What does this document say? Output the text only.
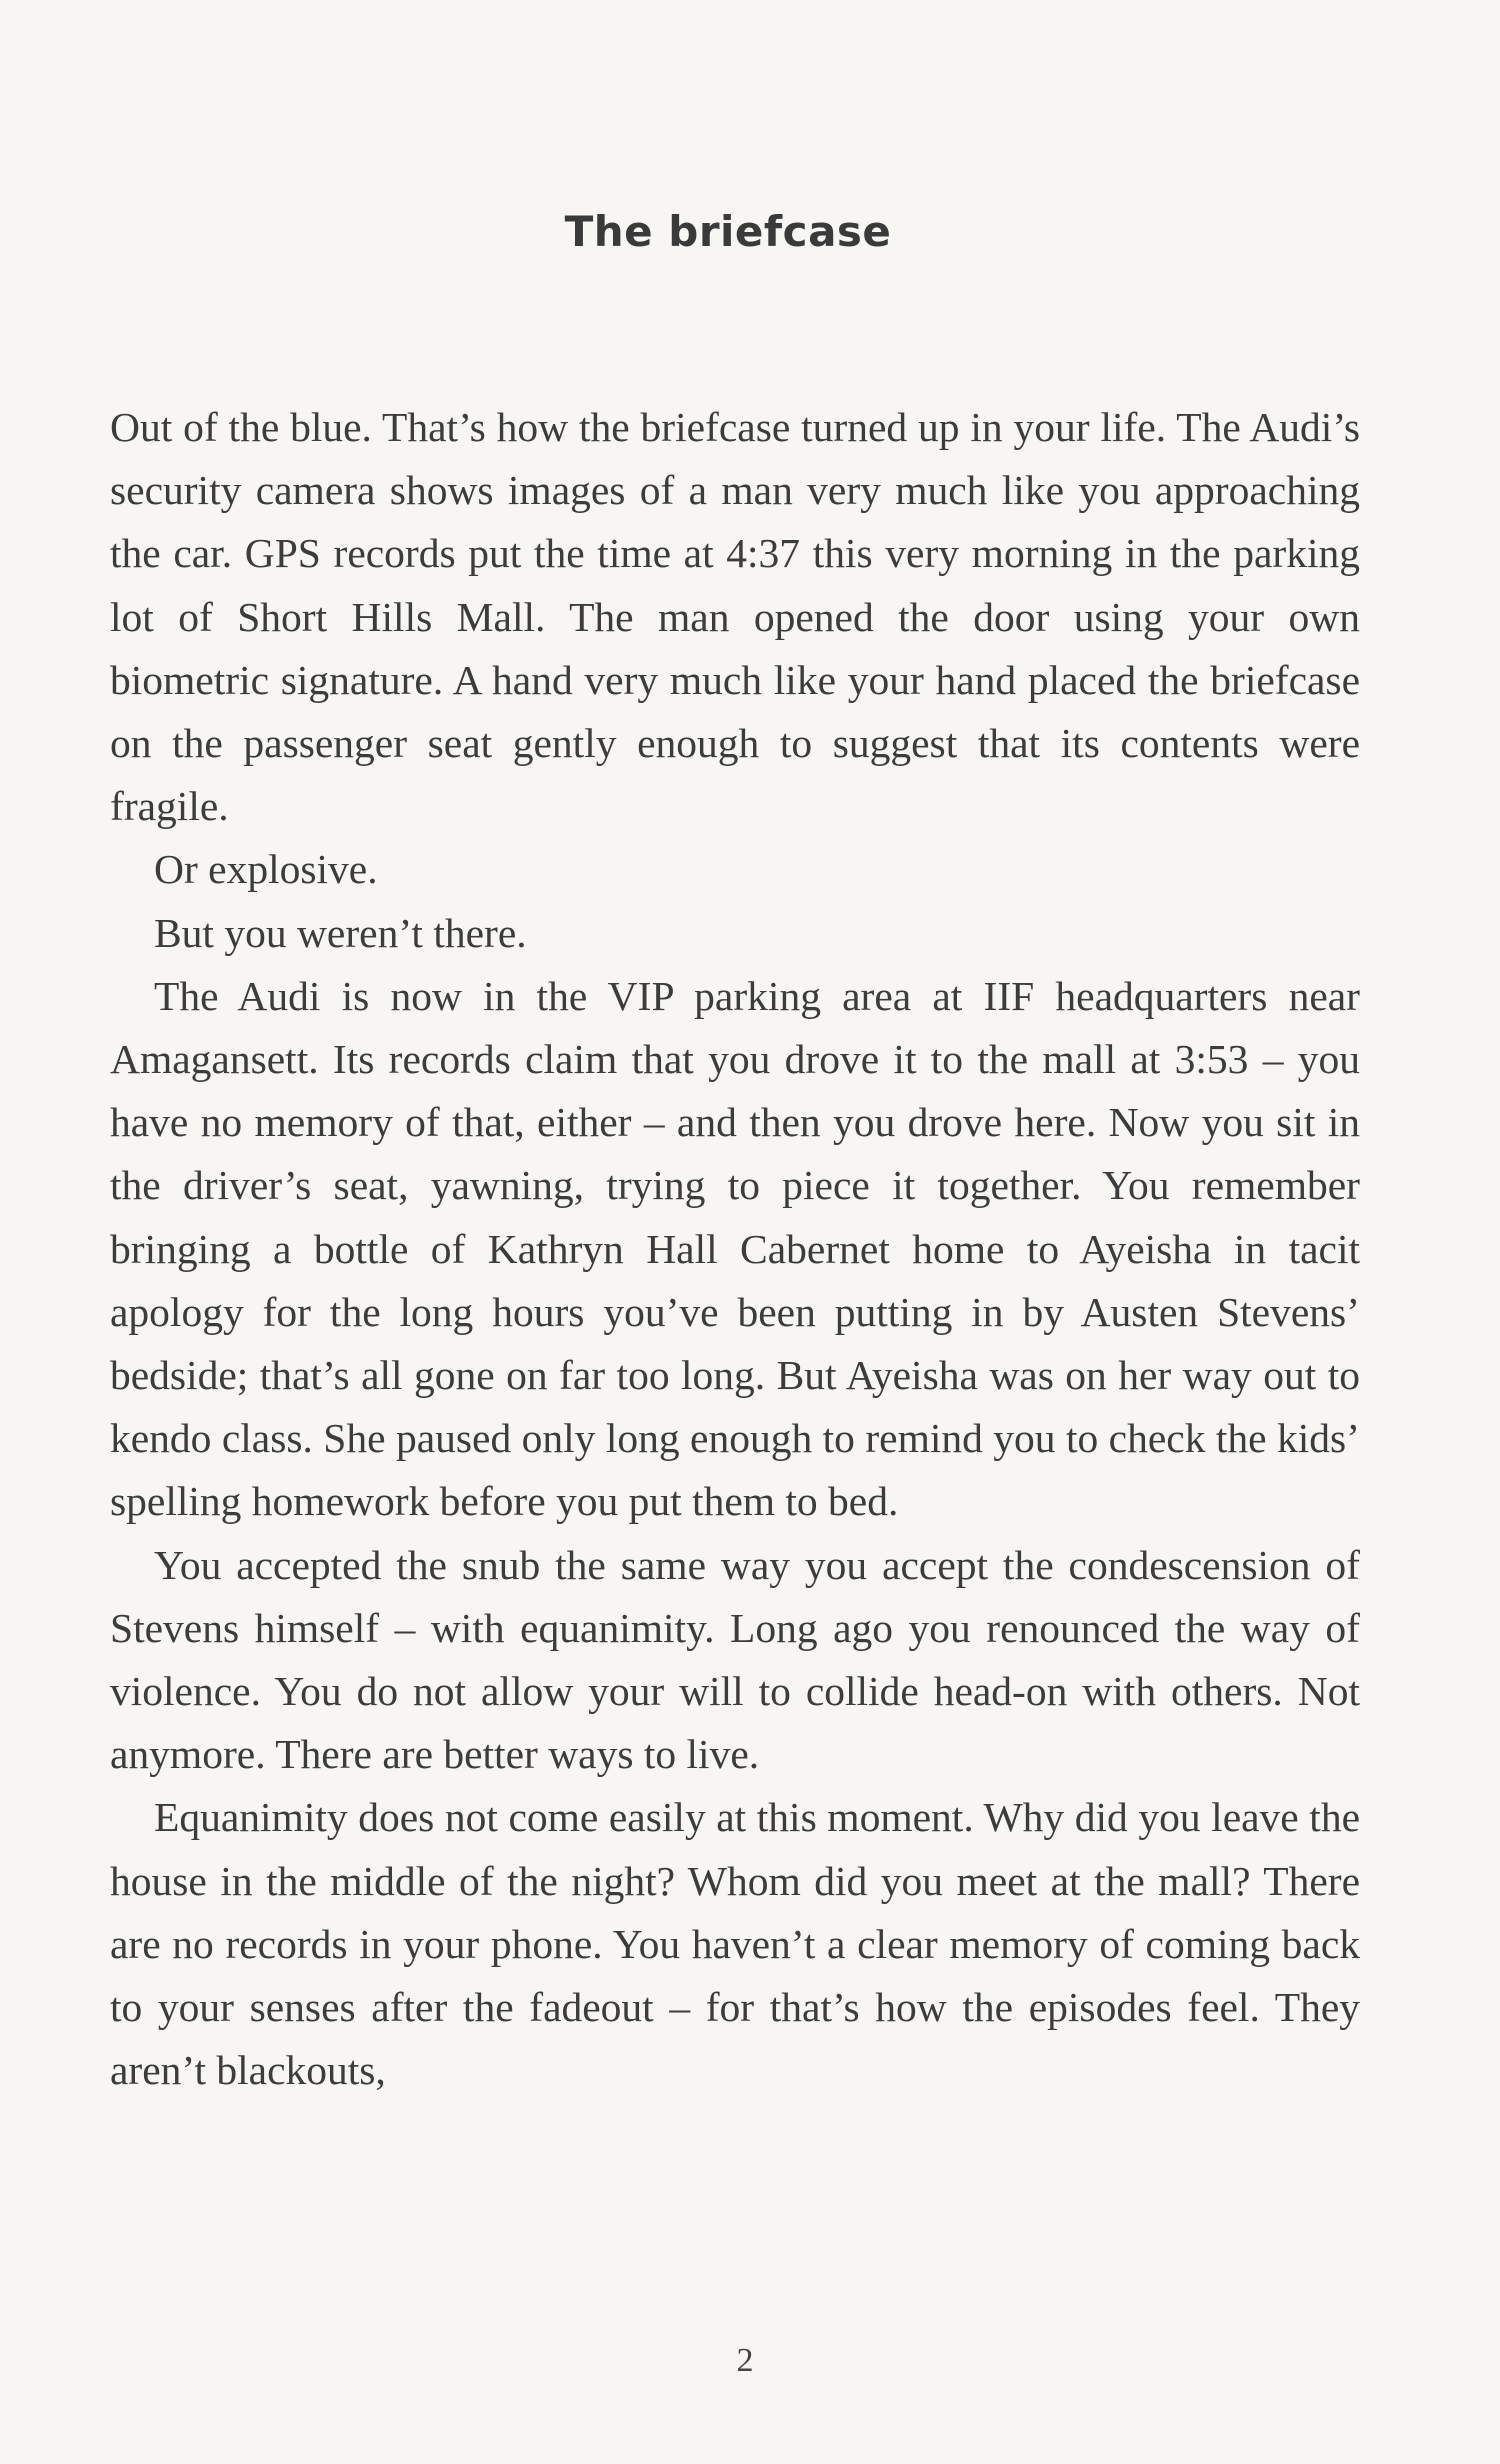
The briefcase

Out of the blue. That’s how the briefcase turned up in your life. The Audi’s security camera shows images of a man very much like you approaching the car. GPS records put the time at 4:37 this very morning in the parking lot of Short Hills Mall. The man opened the door using your own biometric signature. A hand very much like your hand placed the briefcase on the passenger seat gently enough to suggest that its contents were fragile.

Or explosive.

But you weren’t there.

The Audi is now in the VIP parking area at IIF headquarters near Amagansett. Its records claim that you drove it to the mall at 3:53 – you have no memory of that, either – and then you drove here. Now you sit in the driver’s seat, yawning, trying to piece it together. You remember bringing a bottle of Kathryn Hall Cabernet home to Ayeisha in tacit apology for the long hours you’ve been putting in by Austen Stevens’ bedside; that’s all gone on far too long. But Ayeisha was on her way out to kendo class. She paused only long enough to remind you to check the kids’ spelling homework before you put them to bed.

You accepted the snub the same way you accept the condescension of Stevens himself – with equanimity. Long ago you renounced the way of violence. You do not allow your will to collide head-on with others. Not anymore. There are better ways to live.

Equanimity does not come easily at this moment. Why did you leave the house in the middle of the night? Whom did you meet at the mall? There are no records in your phone. You haven’t a clear memory of coming back to your senses after the fadeout – for that’s how the episodes feel. They aren’t blackouts,

2
